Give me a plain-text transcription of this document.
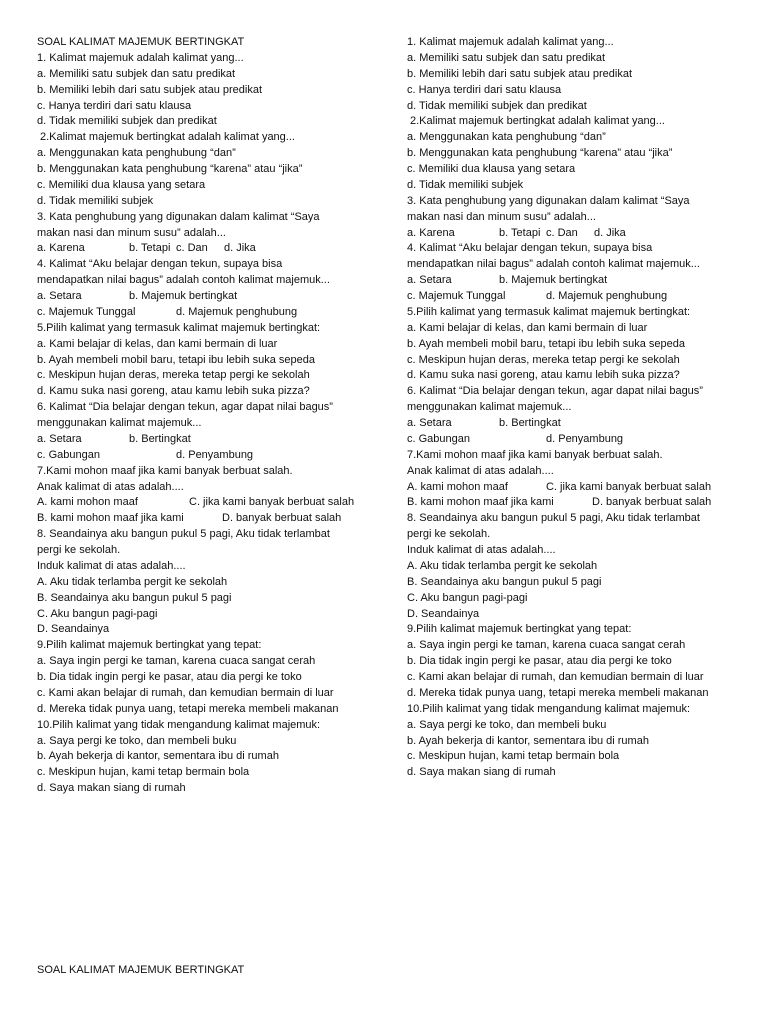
SOAL KALIMAT MAJEMUK BERTINGKAT
1. Kalimat majemuk adalah kalimat yang...
a. Memiliki satu subjek dan satu predikat
b. Memiliki lebih dari satu subjek atau predikat
c. Hanya terdiri dari satu klausa
d. Tidak memiliki subjek dan predikat
2.Kalimat majemuk bertingkat adalah kalimat yang...
a. Menggunakan kata penghubung “dan”
b. Menggunakan kata penghubung “karena” atau “jika”
c. Memiliki dua klausa yang setara
d. Tidak memiliki subjek
3. Kata penghubung yang digunakan dalam kalimat “Saya
makan nasi dan minum susu” adalah...
a. Karena	b. Tetapi c. Dan	d. Jika
4. Kalimat “Aku belajar dengan tekun, supaya bisa
mendapatkan nilai bagus” adalah contoh kalimat majemuk...
a. Setara	b. Majemuk bertingkat
c. Majemuk Tunggal	d. Majemuk penghubung
5.Pilih kalimat yang termasuk kalimat majemuk bertingkat:
a. Kami belajar di kelas, dan kami bermain di luar
b. Ayah membeli mobil baru, tetapi ibu lebih suka sepeda
c. Meskipun hujan deras, mereka tetap pergi ke sekolah
d. Kamu suka nasi goreng, atau kamu lebih suka pizza?
6. Kalimat “Dia belajar dengan tekun, agar dapat nilai bagus”
menggunakan kalimat majemuk...
a. Setara	b. Bertingkat
c. Gabungan	d. Penyambung
7.Kami mohon maaf jika kami banyak berbuat salah.
Anak kalimat di atas adalah....
A. kami mohon maaf	C. jika kami banyak berbuat salah
B. kami mohon maaf jika kami	D. banyak berbuat salah
8. Seandainya aku bangun pukul 5 pagi, Aku tidak terlambat
pergi ke sekolah.
Induk kalimat di atas adalah....
A. Aku tidak terlamba pergit ke sekolah
B. Seandainya aku bangun pukul 5 pagi
C. Aku bangun pagi-pagi
D. Seandainya
9.Pilih kalimat majemuk bertingkat yang tepat:
a. Saya ingin pergi ke taman, karena cuaca sangat cerah
b. Dia tidak ingin pergi ke pasar, atau dia pergi ke toko
c. Kami akan belajar di rumah, dan kemudian bermain di luar
d. Mereka tidak punya uang, tetapi mereka membeli makanan
10.Pilih kalimat yang tidak mengandung kalimat majemuk:
a. Saya pergi ke toko, dan membeli buku
b. Ayah bekerja di kantor, sementara ibu di rumah
c. Meskipun hujan, kami tetap bermain bola
d. Saya makan siang di rumah
1. Kalimat majemuk adalah kalimat yang...
a. Memiliki satu subjek dan satu predikat
b. Memiliki lebih dari satu subjek atau predikat
c. Hanya terdiri dari satu klausa
d. Tidak memiliki subjek dan predikat
2.Kalimat majemuk bertingkat adalah kalimat yang...
a. Menggunakan kata penghubung “dan”
b. Menggunakan kata penghubung “karena” atau “jika”
c. Memiliki dua klausa yang setara
d. Tidak memiliki subjek
3. Kata penghubung yang digunakan dalam kalimat “Saya
makan nasi dan minum susu” adalah...
a. Karena	b. Tetapi c. Dan	d. Jika
4. Kalimat “Aku belajar dengan tekun, supaya bisa
mendapatkan nilai bagus” adalah contoh kalimat majemuk...
a. Setara	b. Majemuk bertingkat
c. Majemuk Tunggal	d. Majemuk penghubung
5.Pilih kalimat yang termasuk kalimat majemuk bertingkat:
a. Kami belajar di kelas, dan kami bermain di luar
b. Ayah membeli mobil baru, tetapi ibu lebih suka sepeda
c. Meskipun hujan deras, mereka tetap pergi ke sekolah
d. Kamu suka nasi goreng, atau kamu lebih suka pizza?
6. Kalimat “Dia belajar dengan tekun, agar dapat nilai bagus”
menggunakan kalimat majemuk...
a. Setara	b. Bertingkat
c. Gabungan	d. Penyambung
7.Kami mohon maaf jika kami banyak berbuat salah.
Anak kalimat di atas adalah....
A. kami mohon maaf	C. jika kami banyak berbuat salah
B. kami mohon maaf jika kami	D. banyak berbuat salah
8. Seandainya aku bangun pukul 5 pagi, Aku tidak terlambat
pergi ke sekolah.
Induk kalimat di atas adalah....
A. Aku tidak terlamba pergit ke sekolah
B. Seandainya aku bangun pukul 5 pagi
C. Aku bangun pagi-pagi
D. Seandainya
9.Pilih kalimat majemuk bertingkat yang tepat:
a. Saya ingin pergi ke taman, karena cuaca sangat cerah
b. Dia tidak ingin pergi ke pasar, atau dia pergi ke toko
c. Kami akan belajar di rumah, dan kemudian bermain di luar
d. Mereka tidak punya uang, tetapi mereka membeli makanan
10.Pilih kalimat yang tidak mengandung kalimat majemuk:
a. Saya pergi ke toko, dan membeli buku
b. Ayah bekerja di kantor, sementara ibu di rumah
c. Meskipun hujan, kami tetap bermain bola
d. Saya makan siang di rumah
SOAL KALIMAT MAJEMUK BERTINGKAT
